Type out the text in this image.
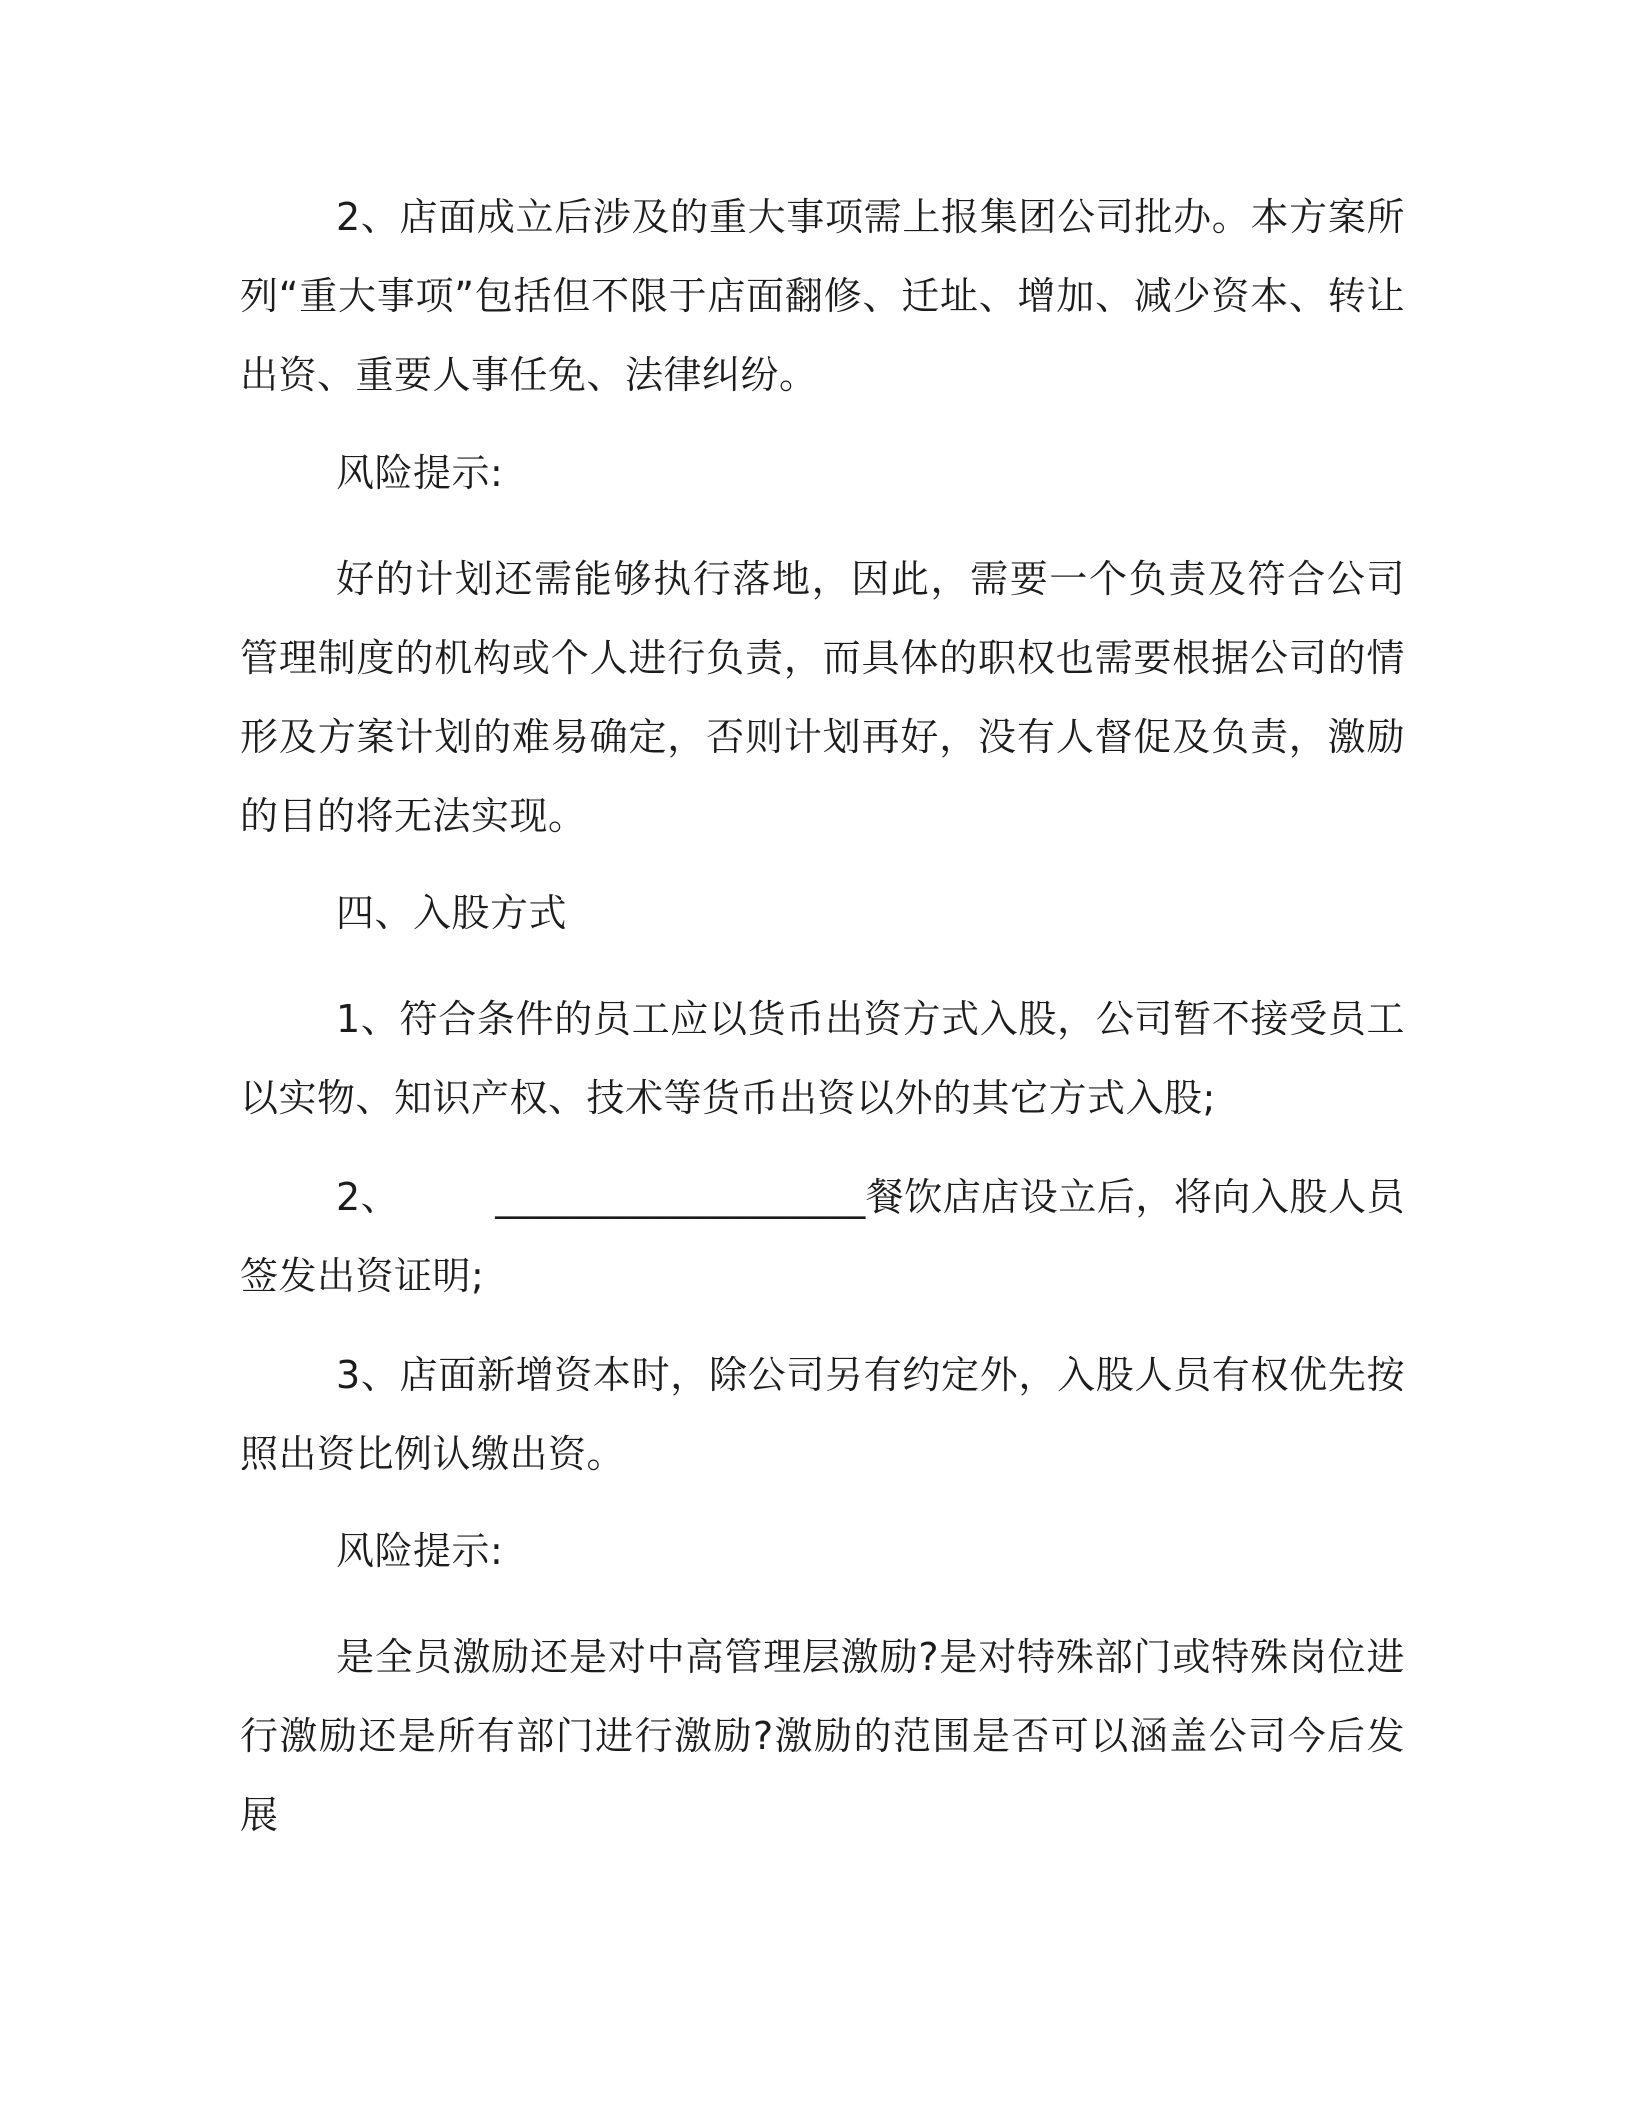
2、店面成立后涉及的重大事项需上报集团公司批办。本方案所列“重大事项”包括但不限于店面翻修、迁址、增加、减少资本、转让出资、重要人事任免、法律纠纷。
风险提示:
好的计划还需能够执行落地，因此，需要一个负责及符合公司管理制度的机构或个人进行负责，而具体的职权也需要根据公司的情形及方案计划的难易确定，否则计划再好，没有人督促及负责，激励的目的将无法实现。
四、入股方式
1、符合条件的员工应以货币出资方式入股，公司暂不接受员工以实物、知识产权、技术等货币出资以外的其它方式入股;
2、	___________________餐饮店店设立后，将向入股人员签发出资证明;
3、店面新增资本时，除公司另有约定外，入股人员有权优先按照出资比例认缴出资。
风险提示:
是全员激励还是对中高管理层激励?是对特殊部门或特殊岗位进行激励还是所有部门进行激励?激励的范围是否可以涵盖公司今后发展
